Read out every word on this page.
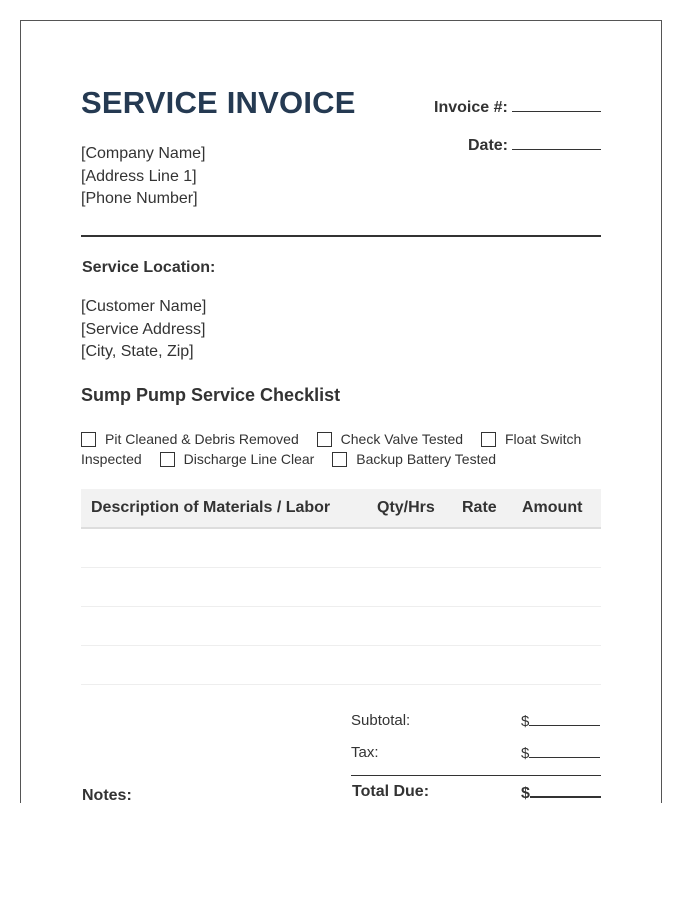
SERVICE INVOICE
[Company Name]
[Address Line 1]
[Phone Number]
Invoice #:
Date:
Service Location:
[Customer Name]
[Service Address]
[City, State, Zip]
Sump Pump Service Checklist
Pit Cleaned & Debris Removed	Check Valve Tested	Float Switch Inspected	Discharge Line Clear	Backup Battery Tested
Description of Materials / Labor	Qty/Hrs Rate Amount
Subtotal:	$
Tax:	$
Total Due:	$
Notes:
